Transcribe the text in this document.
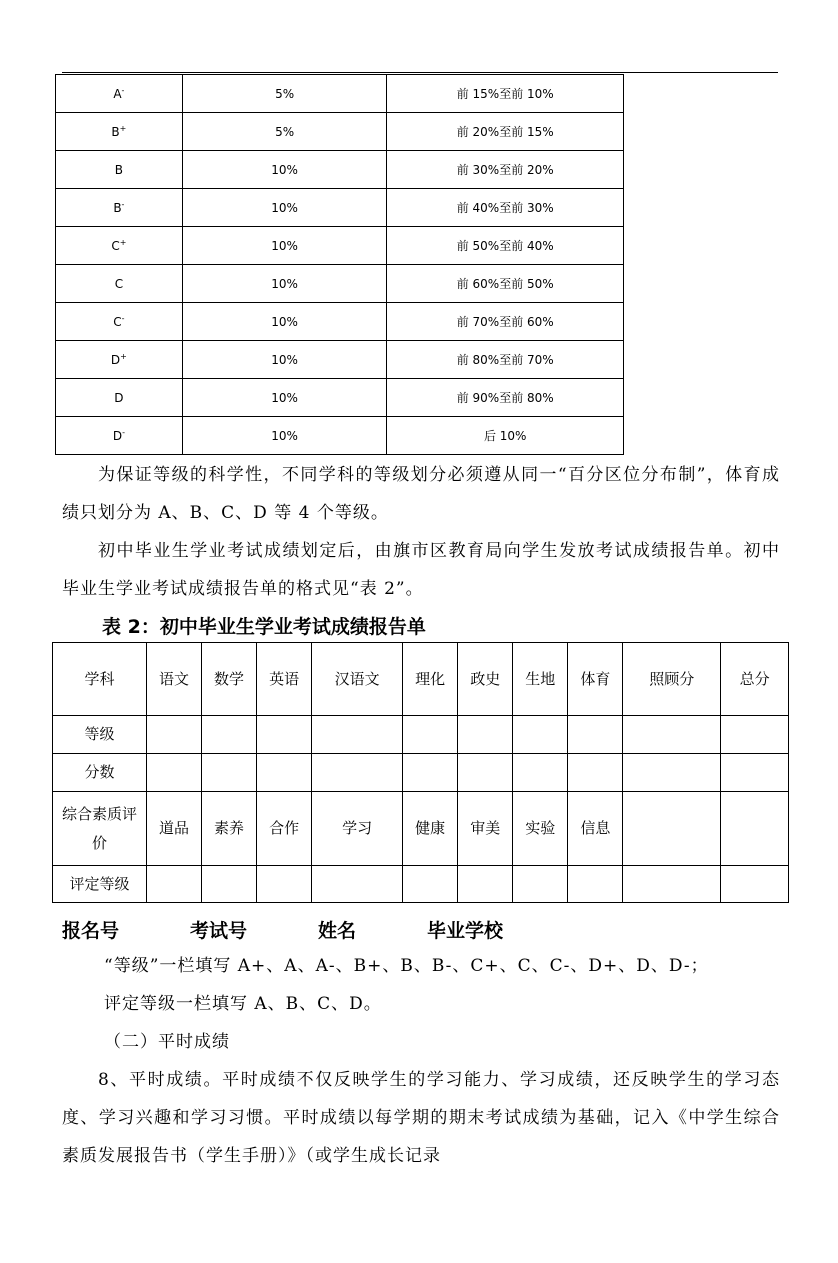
A-	5%	前 15%至前 10%
B+	5%	前 20%至前 15%
B	10%	前 30%至前 20%
B-	10%	前 40%至前 30%
C+	10%	前 50%至前 40%
C	10%	前 60%至前 50%
C-	10%	前 70%至前 60%
D+	10%	前 80%至前 70%
D	10%	前 90%至前 80%
D-	10%	后 10%

为保证等级的科学性，不同学科的等级划分必须遵从同一“百分区位分布制”，体育成绩只划分为 A、B、C、D 等 4 个等级。

初中毕业生学业考试成绩划定后，由旗市区教育局向学生发放考试成绩报告单。初中毕业生学业考试成绩报告单的格式见“表 2”。

表 2：初中毕业生学业考试成绩报告单
学科	语文	数学	英语	汉语文	理化	政史	生地	体育	照顾分	总分
等级										
分数										
综合素质评价	道品	素养	合作	学习	健康	审美	实验	信息		
评定等级										
报名号	考试号	姓名	毕业学校

“等级”一栏填写 A+、A、A-、B+、B、B-、C+、C、C-、D+、D、D-；

评定等级一栏填写 A、B、C、D。

（二）平时成绩

8、平时成绩。平时成绩不仅反映学生的学习能力、学习成绩，还反映学生的学习态度、学习兴趣和学习习惯。平时成绩以每学期的期末考试成绩为基础，记入《中学生综合素质发展报告书（学生手册）》（或学生成长记录
